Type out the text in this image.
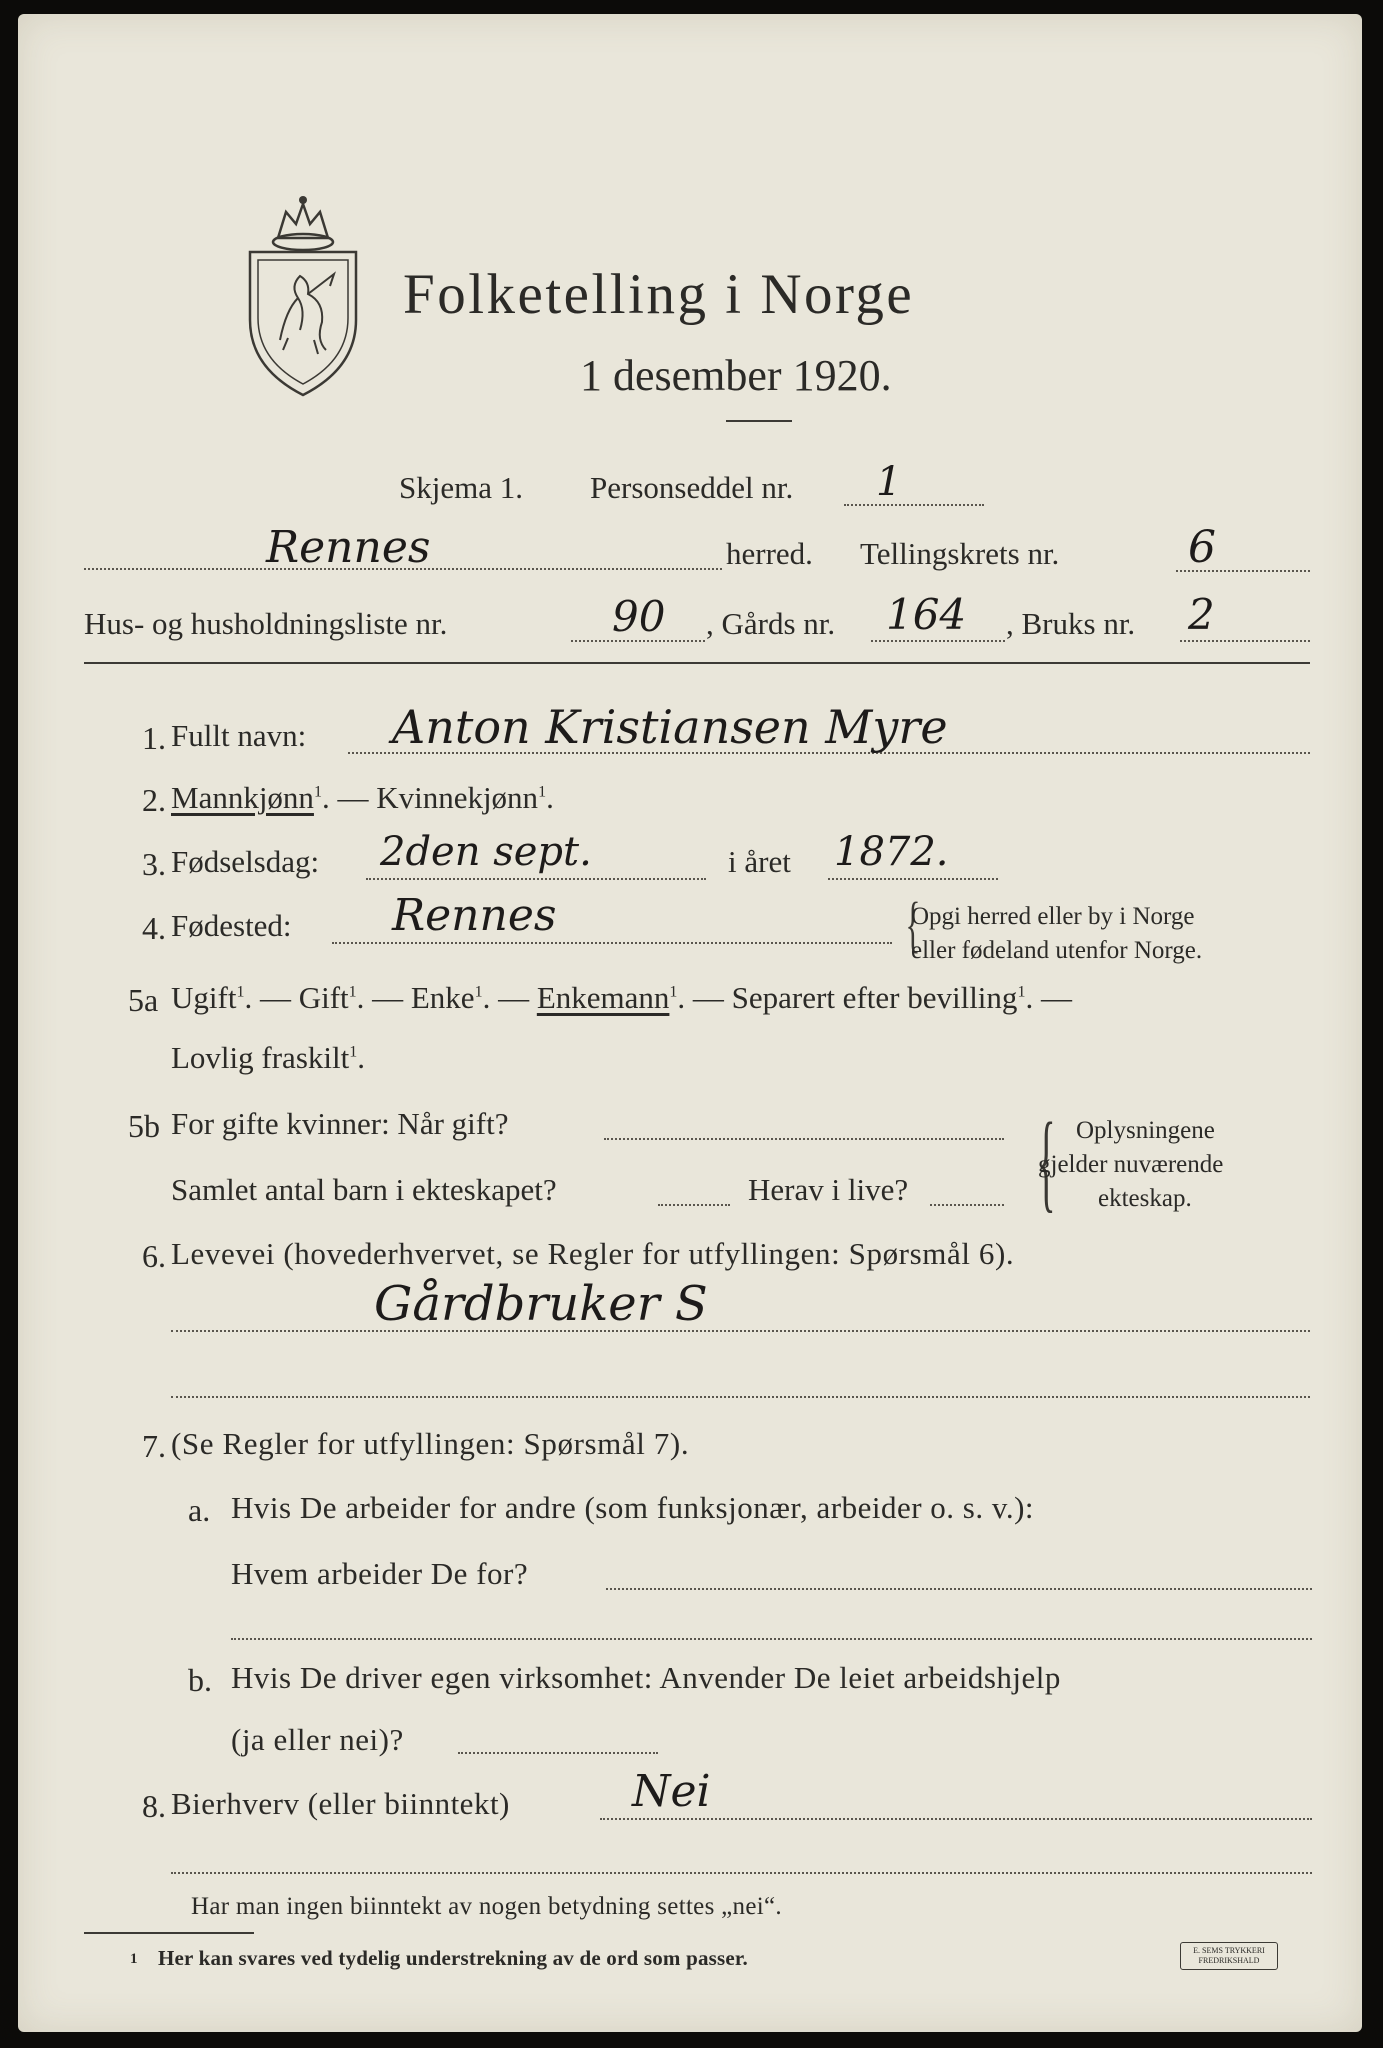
Folketelling i Norge
1 desember 1920.
Skjema 1. Personseddel nr. 1
Rennes	herred. Tellingskrets nr.	6
Hus- og husholdningsliste nr.	90 , Gårds nr. 164 , Bruks nr. 2
1. Fullt navn: Anton Kristiansen Myre
2. Mannkjønn$^1$. — Kvinnekjønn$^1$.
3. Fødselsdag: 2den sept.	i året 1872.
4. Fødested: Rennes	{
Opgi herred eller by i Norge
eller fødeland utenfor Norge.
5a Ugift$^1$. — Gift$^1$. — Enke$^1$. — Enkemann$^1$. — Separert efter bevilling$^1$. —
Lovlig fraskilt$^1$.
5b For gifte kvinner: Når gift?
Samlet antal barn i ekteskapet?	Herav i live? { Oplysningene
gjelder nuværende
ekteskap.
6. Levevei (hovederhvervet, se Regler for utfyllingen: Spørsmål 6).
Gårdbruker S
7. (Se Regler for utfyllingen: Spørsmål 7).
a. Hvis De arbeider for andre (som funksjonær, arbeider o. s. v.):
Hvem arbeider De for?
b. Hvis De driver egen virksomhet: Anvender De leiet arbeidshjelp
(ja eller nei)?
8. Bierhverv (eller biinntekt)	Nei
Har man ingen biinntekt av nogen betydning settes „nei“.
1 Her kan svares ved tydelig understrekning av de ord som passer.	E. SEMS TRYKKERI
FREDRIKSHALD
